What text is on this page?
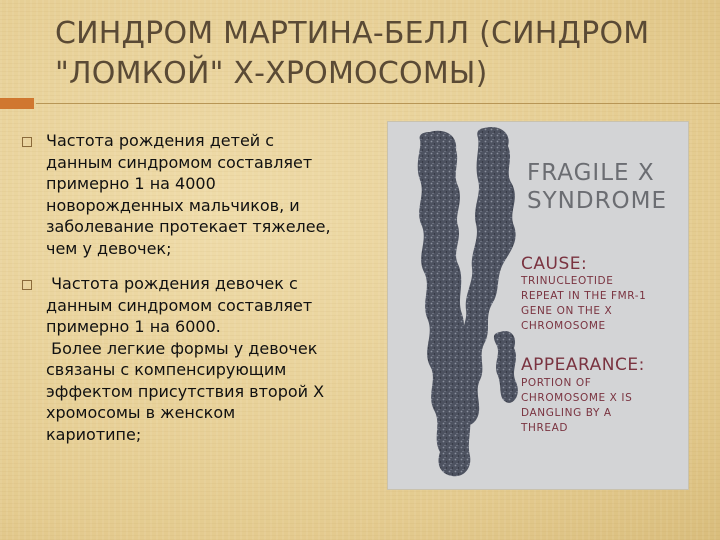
СИНДРОМ МАРТИНА-БЕЛЛ (СИНДРОМ
"ЛОМКОЙ" Х-ХРОМОСОМЫ)
Частота рождения детей с
данным синдромом составляет
примерно 1 на 4000
новорожденных мальчиков, и
заболевание протекает тяжелее,
чем у девочек;
Частота рождения девочек с
данным синдромом составляет
примерно 1 на 6000.
Более легкие формы у девочек
связаны с компенсирующим
эффектом присутствия второй Х
хромосомы в женском
кариотипе;
FRAGILE X
SYNDROME
CAUSE:
TRINUCLEOTIDE
REPEAT IN THE FMR-1
GENE ON THE X
CHROMOSOME
APPEARANCE:
PORTION OF
CHROMOSOME X IS
DANGLING BY A
THREAD
